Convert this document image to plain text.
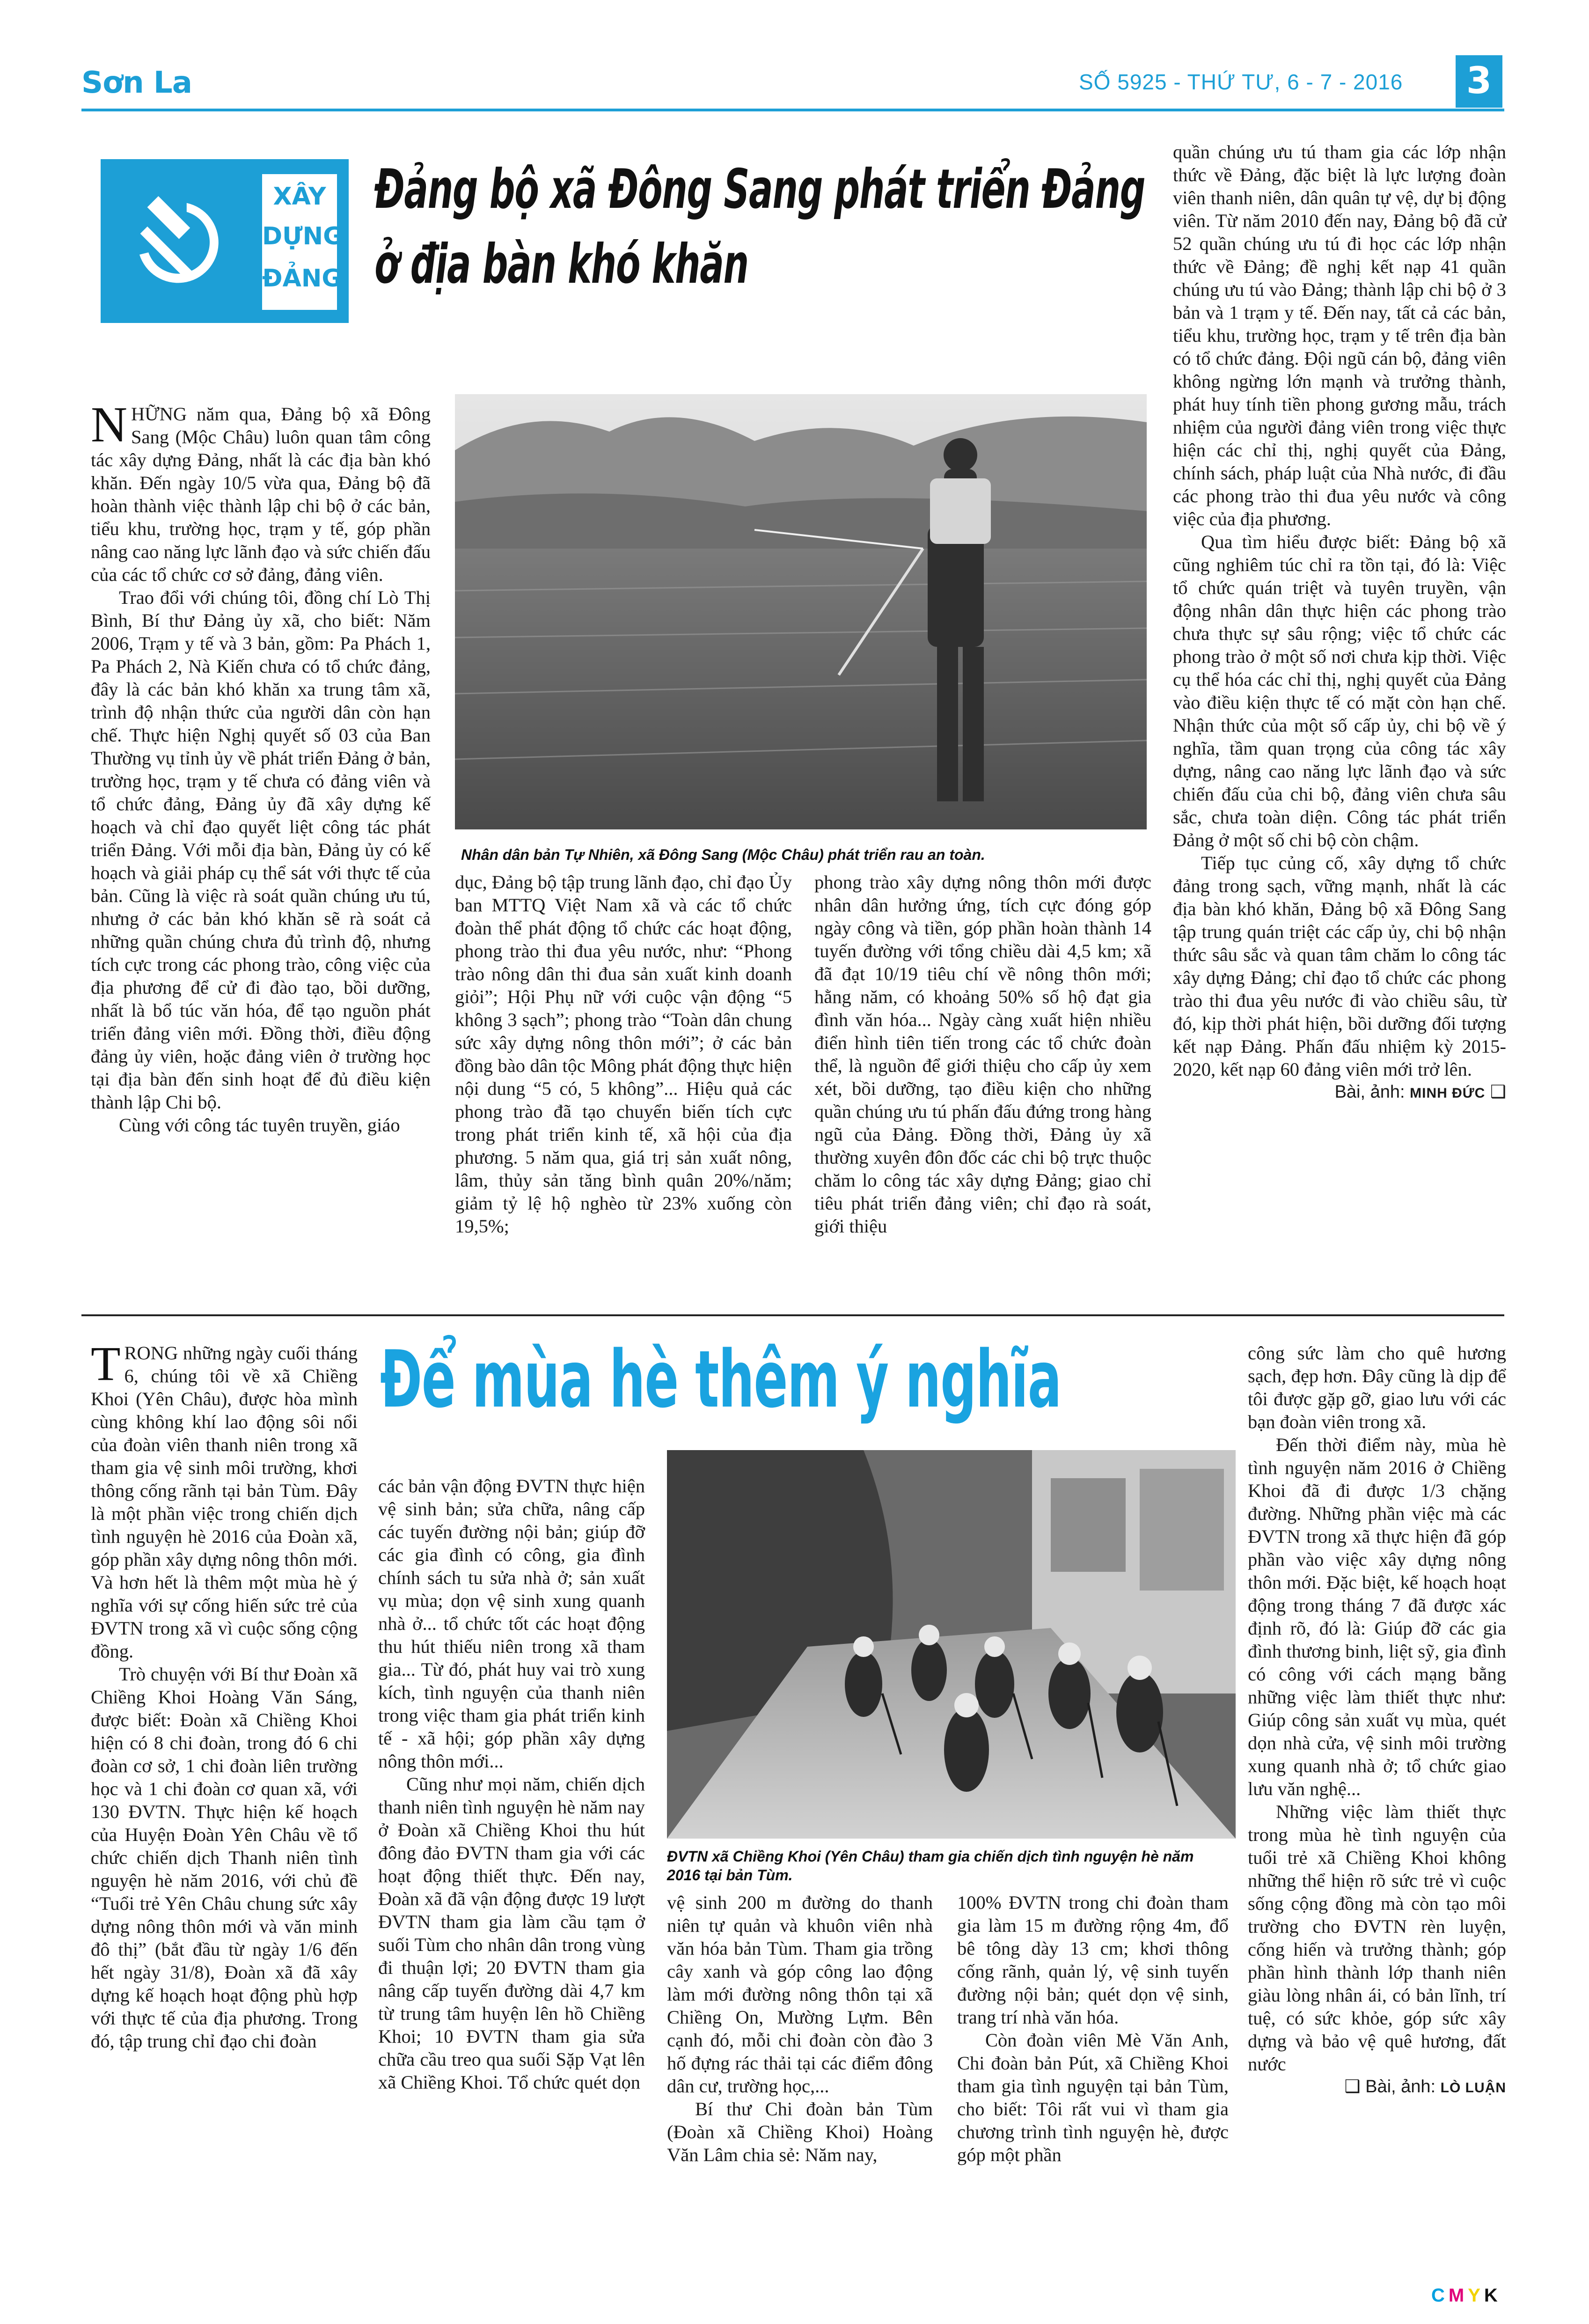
Sơn La	SỐ 5925 - THỨ TƯ, 6 - 7 - 2016 3
XÂY
DỰNG
ĐẢNG
Đảng bộ xã Đông Sang phát triển Đảng
ở địa bàn khó khăn

NHỮNG năm qua, Đảng bộ xã Đông Sang (Mộc Châu) luôn quan tâm công tác xây dựng Đảng, nhất là các địa bàn khó khăn. Đến ngày 10/5 vừa qua, Đảng bộ đã hoàn thành việc thành lập chi bộ ở các bản, tiểu khu, trường học, trạm y tế, góp phần nâng cao năng lực lãnh đạo và sức chiến đấu của các tổ chức cơ sở đảng, đảng viên.

Trao đổi với chúng tôi, đồng chí Lò Thị Bình, Bí thư Đảng ủy xã, cho biết: Năm 2006, Trạm y tế và 3 bản, gồm: Pa Phách 1, Pa Phách 2, Nà Kiến chưa có tổ chức đảng, đây là các bản khó khăn xa trung tâm xã, trình độ nhận thức của người dân còn hạn chế. Thực hiện Nghị quyết số 03 của Ban Thường vụ tỉnh ủy về phát triển Đảng ở bản, trường học, trạm y tế chưa có đảng viên và tổ chức đảng, Đảng ủy đã xây dựng kế hoạch và chỉ đạo quyết liệt công tác phát triển Đảng. Với mỗi địa bàn, Đảng ủy có kế hoạch và giải pháp cụ thể sát với thực tế của bản. Cũng là việc rà soát quần chúng ưu tú, nhưng ở các bản khó khăn sẽ rà soát cả những quần chúng chưa đủ trình độ, nhưng tích cực trong các phong trào, công việc của địa phương để cử đi đào tạo, bồi dưỡng, nhất là bổ túc văn hóa, để tạo nguồn phát triển đảng viên mới. Đồng thời, điều động đảng ủy viên, hoặc đảng viên ở trường học tại địa bàn đến sinh hoạt để đủ điều kiện thành lập Chi bộ.

Cùng với công tác tuyên truyền, giáo

Nhân dân bản Tự Nhiên, xã Đông Sang (Mộc Châu) phát triển rau an toàn.

dục, Đảng bộ tập trung lãnh đạo, chỉ đạo Ủy ban MTTQ Việt Nam xã và các tổ chức đoàn thể phát động tổ chức các hoạt động, phong trào thi đua yêu nước, như: “Phong trào nông dân thi đua sản xuất kinh doanh giỏi”; Hội Phụ nữ với cuộc vận động “5 không 3 sạch”; phong trào “Toàn dân chung sức xây dựng nông thôn mới”; ở các bản đồng bào dân tộc Mông phát động thực hiện nội dung “5 có, 5 không”... Hiệu quả các phong trào đã tạo chuyển biến tích cực trong phát triển kinh tế, xã hội của địa phương. 5 năm qua, giá trị sản xuất nông, lâm, thủy sản tăng bình quân 20%/năm; giảm tỷ lệ hộ nghèo từ 23% xuống còn 19,5%;

phong trào xây dựng nông thôn mới được nhân dân hưởng ứng, tích cực đóng góp ngày công và tiền, góp phần hoàn thành 14 tuyến đường với tổng chiều dài 4,5 km; xã đã đạt 10/19 tiêu chí về nông thôn mới; hằng năm, có khoảng 50% số hộ đạt gia đình văn hóa... Ngày càng xuất hiện nhiều điển hình tiên tiến trong các tổ chức đoàn thể, là nguồn để giới thiệu cho cấp ủy xem xét, bồi dưỡng, tạo điều kiện cho những quần chúng ưu tú phấn đấu đứng trong hàng ngũ của Đảng. Đồng thời, Đảng ủy xã thường xuyên đôn đốc các chi bộ trực thuộc chăm lo công tác xây dựng Đảng; giao chỉ tiêu phát triển đảng viên; chỉ đạo rà soát, giới thiệu

quần chúng ưu tú tham gia các lớp nhận thức về Đảng, đặc biệt là lực lượng đoàn viên thanh niên, dân quân tự vệ, dự bị động viên. Từ năm 2010 đến nay, Đảng bộ đã cử 52 quần chúng ưu tú đi học các lớp nhận thức về Đảng; đề nghị kết nạp 41 quần chúng ưu tú vào Đảng; thành lập chi bộ ở 3 bản và 1 trạm y tế. Đến nay, tất cả các bản, tiểu khu, trường học, trạm y tế trên địa bàn có tổ chức đảng. Đội ngũ cán bộ, đảng viên không ngừng lớn mạnh và trưởng thành, phát huy tính tiền phong gương mẫu, trách nhiệm của người đảng viên trong việc thực hiện các chỉ thị, nghị quyết của Đảng, chính sách, pháp luật của Nhà nước, đi đầu các phong trào thi đua yêu nước và công việc của địa phương.

Qua tìm hiểu được biết: Đảng bộ xã cũng nghiêm túc chỉ ra tồn tại, đó là: Việc tổ chức quán triệt và tuyên truyền, vận động nhân dân thực hiện các phong trào chưa thực sự sâu rộng; việc tổ chức các phong trào ở một số nơi chưa kịp thời. Việc cụ thể hóa các chỉ thị, nghị quyết của Đảng vào điều kiện thực tế có mặt còn hạn chế. Nhận thức của một số cấp ủy, chi bộ về ý nghĩa, tầm quan trọng của công tác xây dựng, nâng cao năng lực lãnh đạo và sức chiến đấu của chi bộ, đảng viên chưa sâu sắc, chưa toàn diện. Công tác phát triển Đảng ở một số chi bộ còn chậm.

Tiếp tục củng cố, xây dựng tổ chức đảng trong sạch, vững mạnh, nhất là các địa bàn khó khăn, Đảng bộ xã Đông Sang tập trung quán triệt các cấp ủy, chi bộ nhận thức sâu sắc và quan tâm chăm lo công tác xây dựng Đảng; chỉ đạo tổ chức các phong trào thi đua yêu nước đi vào chiều sâu, từ đó, kịp thời phát hiện, bồi dưỡng đối tượng kết nạp Đảng. Phấn đấu nhiệm kỳ 2015-2020, kết nạp 60 đảng viên mới trở lên.

Bài, ảnh: MINH ĐỨC ❑

Để mùa hè thêm ý nghĩa

TRONG những ngày cuối tháng 6, chúng tôi về xã Chiềng Khoi (Yên Châu), được hòa mình cùng không khí lao động sôi nổi của đoàn viên thanh niên trong xã tham gia vệ sinh môi trường, khơi thông cống rãnh tại bản Tùm. Đây là một phần việc trong chiến dịch tình nguyện hè 2016 của Đoàn xã, góp phần xây dựng nông thôn mới. Và hơn hết là thêm một mùa hè ý nghĩa với sự cống hiến sức trẻ của ĐVTN trong xã vì cuộc sống cộng đồng.

Trò chuyện với Bí thư Đoàn xã Chiềng Khoi Hoàng Văn Sáng, được biết: Đoàn xã Chiềng Khoi hiện có 8 chi đoàn, trong đó 6 chi đoàn cơ sở, 1 chi đoàn liên trường học và 1 chi đoàn cơ quan xã, với 130 ĐVTN. Thực hiện kế hoạch của Huyện Đoàn Yên Châu về tổ chức chiến dịch Thanh niên tình nguyện hè năm 2016, với chủ đề “Tuổi trẻ Yên Châu chung sức xây dựng nông thôn mới và văn minh đô thị” (bắt đầu từ ngày 1/6 đến hết ngày 31/8), Đoàn xã đã xây dựng kế hoạch hoạt động phù hợp với thực tế của địa phương. Trong đó, tập trung chỉ đạo chi đoàn

các bản vận động ĐVTN thực hiện vệ sinh bản; sửa chữa, nâng cấp các tuyến đường nội bản; giúp đỡ các gia đình có công, gia đình chính sách tu sửa nhà ở; sản xuất vụ mùa; dọn vệ sinh xung quanh nhà ở... tổ chức tốt các hoạt động thu hút thiếu niên trong xã tham gia... Từ đó, phát huy vai trò xung kích, tình nguyện của thanh niên trong việc tham gia phát triển kinh tế - xã hội; góp phần xây dựng nông thôn mới...

Cũng như mọi năm, chiến dịch thanh niên tình nguyện hè năm nay ở Đoàn xã Chiềng Khoi thu hút đông đảo ĐVTN tham gia với các hoạt động thiết thực. Đến nay, Đoàn xã đã vận động được 19 lượt ĐVTN tham gia làm cầu tạm ở suối Tùm cho nhân dân trong vùng đi thuận lợi; 20 ĐVTN tham gia nâng cấp tuyến đường dài 4,7 km từ trung tâm huyện lên hồ Chiềng Khoi; 10 ĐVTN tham gia sửa chữa cầu treo qua suối Sặp Vạt lên xã Chiềng Khoi. Tổ chức quét dọn

ĐVTN xã Chiềng Khoi (Yên Châu) tham gia chiến dịch tình nguyện hè năm 2016 tại bản Tùm.

vệ sinh 200 m đường do thanh niên tự quản và khuôn viên nhà văn hóa bản Tùm. Tham gia trồng cây xanh và góp công lao động làm mới đường nông thôn tại xã Chiềng On, Mường Lựm. Bên cạnh đó, mỗi chi đoàn còn đào 3 hố đựng rác thải tại các điểm đông dân cư, trường học,...

Bí thư Chi đoàn bản Tùm (Đoàn xã Chiềng Khoi) Hoàng Văn Lâm chia sẻ: Năm nay,

100% ĐVTN trong chi đoàn tham gia làm 15 m đường rộng 4m, đổ bê tông dày 13 cm; khơi thông cống rãnh, quản lý, vệ sinh tuyến đường nội bản; quét dọn vệ sinh, trang trí nhà văn hóa.

Còn đoàn viên Mè Văn Anh, Chi đoàn bản Pút, xã Chiềng Khoi tham gia tình nguyện tại bản Tùm, cho biết: Tôi rất vui vì tham gia chương trình tình nguyện hè, được góp một phần

công sức làm cho quê hương sạch, đẹp hơn. Đây cũng là dịp để tôi được gặp gỡ, giao lưu với các bạn đoàn viên trong xã.

Đến thời điểm này, mùa hè tình nguyện năm 2016 ở Chiềng Khoi đã đi được 1/3 chặng đường. Những phần việc mà các ĐVTN trong xã thực hiện đã góp phần vào việc xây dựng nông thôn mới. Đặc biệt, kế hoạch hoạt động trong tháng 7 đã được xác định rõ, đó là: Giúp đỡ các gia đình thương binh, liệt sỹ, gia đình có công với cách mạng bằng những việc làm thiết thực như: Giúp công sản xuất vụ mùa, quét dọn nhà cửa, vệ sinh môi trường xung quanh nhà ở; tổ chức giao lưu văn nghệ...

Những việc làm thiết thực trong mùa hè tình nguyện của tuổi trẻ xã Chiềng Khoi không những thể hiện rõ sức trẻ vì cuộc sống cộng đồng mà còn tạo môi trường cho ĐVTN rèn luyện, cống hiến và trưởng thành; góp phần hình thành lớp thanh niên giàu lòng nhân ái, có bản lĩnh, trí tuệ, có sức khỏe, góp sức xây dựng và bảo vệ quê hương, đất nước

❑ Bài, ảnh: LÒ LUẬN

CMYK
